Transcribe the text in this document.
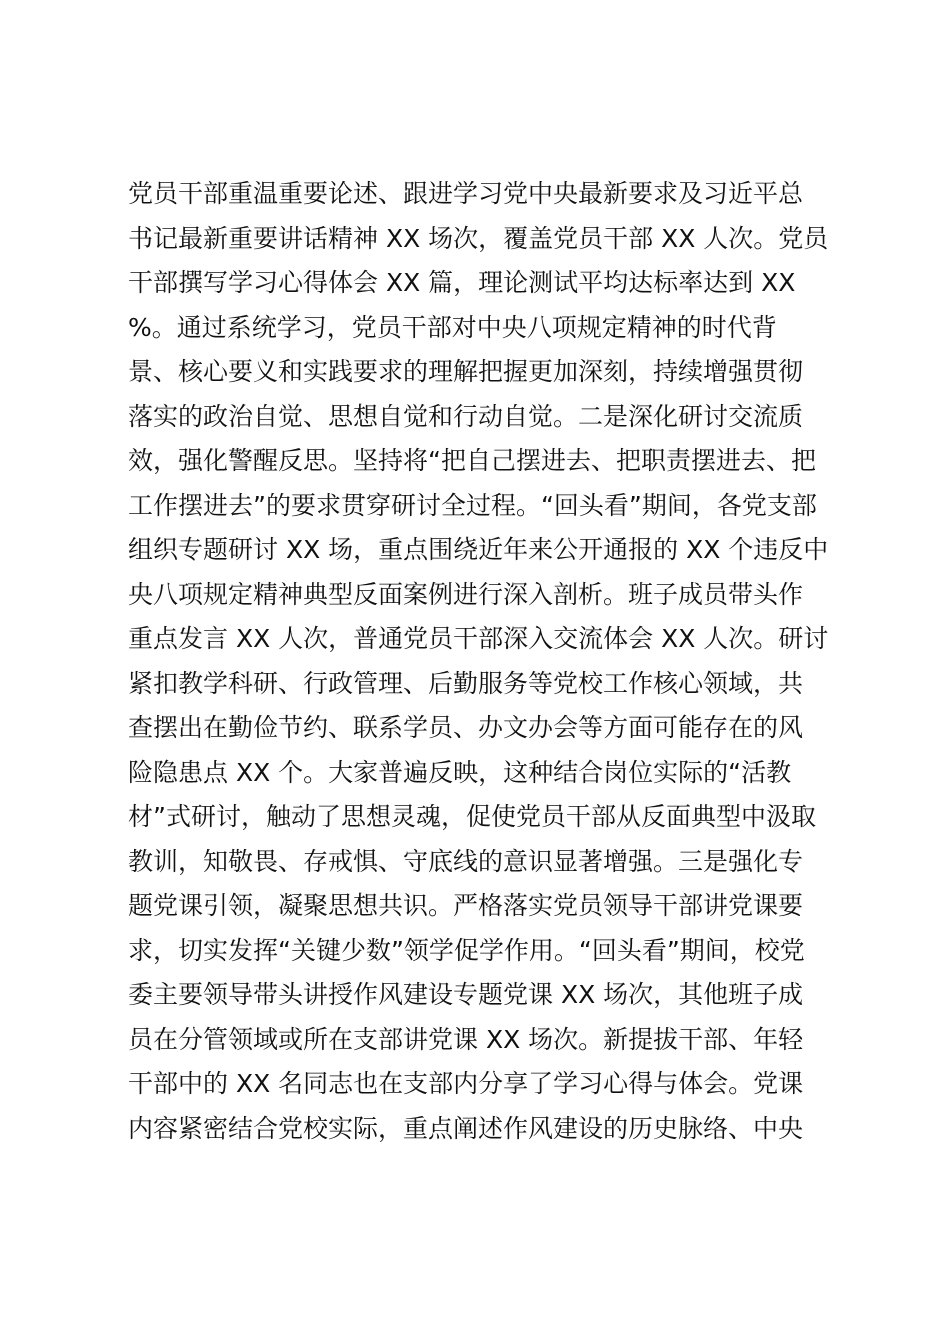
党员干部重温重要论述、跟进学习党中央最新要求及习近平总
书记最新重要讲话精神 XX 场次，覆盖党员干部 XX 人次。党员
干部撰写学习心得体会 XX 篇，理论测试平均达标率达到 XX
%。通过系统学习，党员干部对中央八项规定精神的时代背
景、核心要义和实践要求的理解把握更加深刻，持续增强贯彻
落实的政治自觉、思想自觉和行动自觉。二是深化研讨交流质
效，强化警醒反思。坚持将“把自己摆进去、把职责摆进去、把
工作摆进去”的要求贯穿研讨全过程。“回头看”期间，各党支部
组织专题研讨 XX 场，重点围绕近年来公开通报的 XX 个违反中
央八项规定精神典型反面案例进行深入剖析。班子成员带头作
重点发言 XX 人次，普通党员干部深入交流体会 XX 人次。研讨
紧扣教学科研、行政管理、后勤服务等党校工作核心领域，共
查摆出在勤俭节约、联系学员、办文办会等方面可能存在的风
险隐患点 XX 个。大家普遍反映，这种结合岗位实际的“活教
材”式研讨，触动了思想灵魂，促使党员干部从反面典型中汲取
教训，知敬畏、存戒惧、守底线的意识显著增强。三是强化专
题党课引领，凝聚思想共识。严格落实党员领导干部讲党课要
求，切实发挥“关键少数”领学促学作用。“回头看”期间，校党
委主要领导带头讲授作风建设专题党课 XX 场次，其他班子成
员在分管领域或所在支部讲党课 XX 场次。新提拔干部、年轻
干部中的 XX 名同志也在支部内分享了学习心得与体会。党课
内容紧密结合党校实际，重点阐述作风建设的历史脉络、中央
